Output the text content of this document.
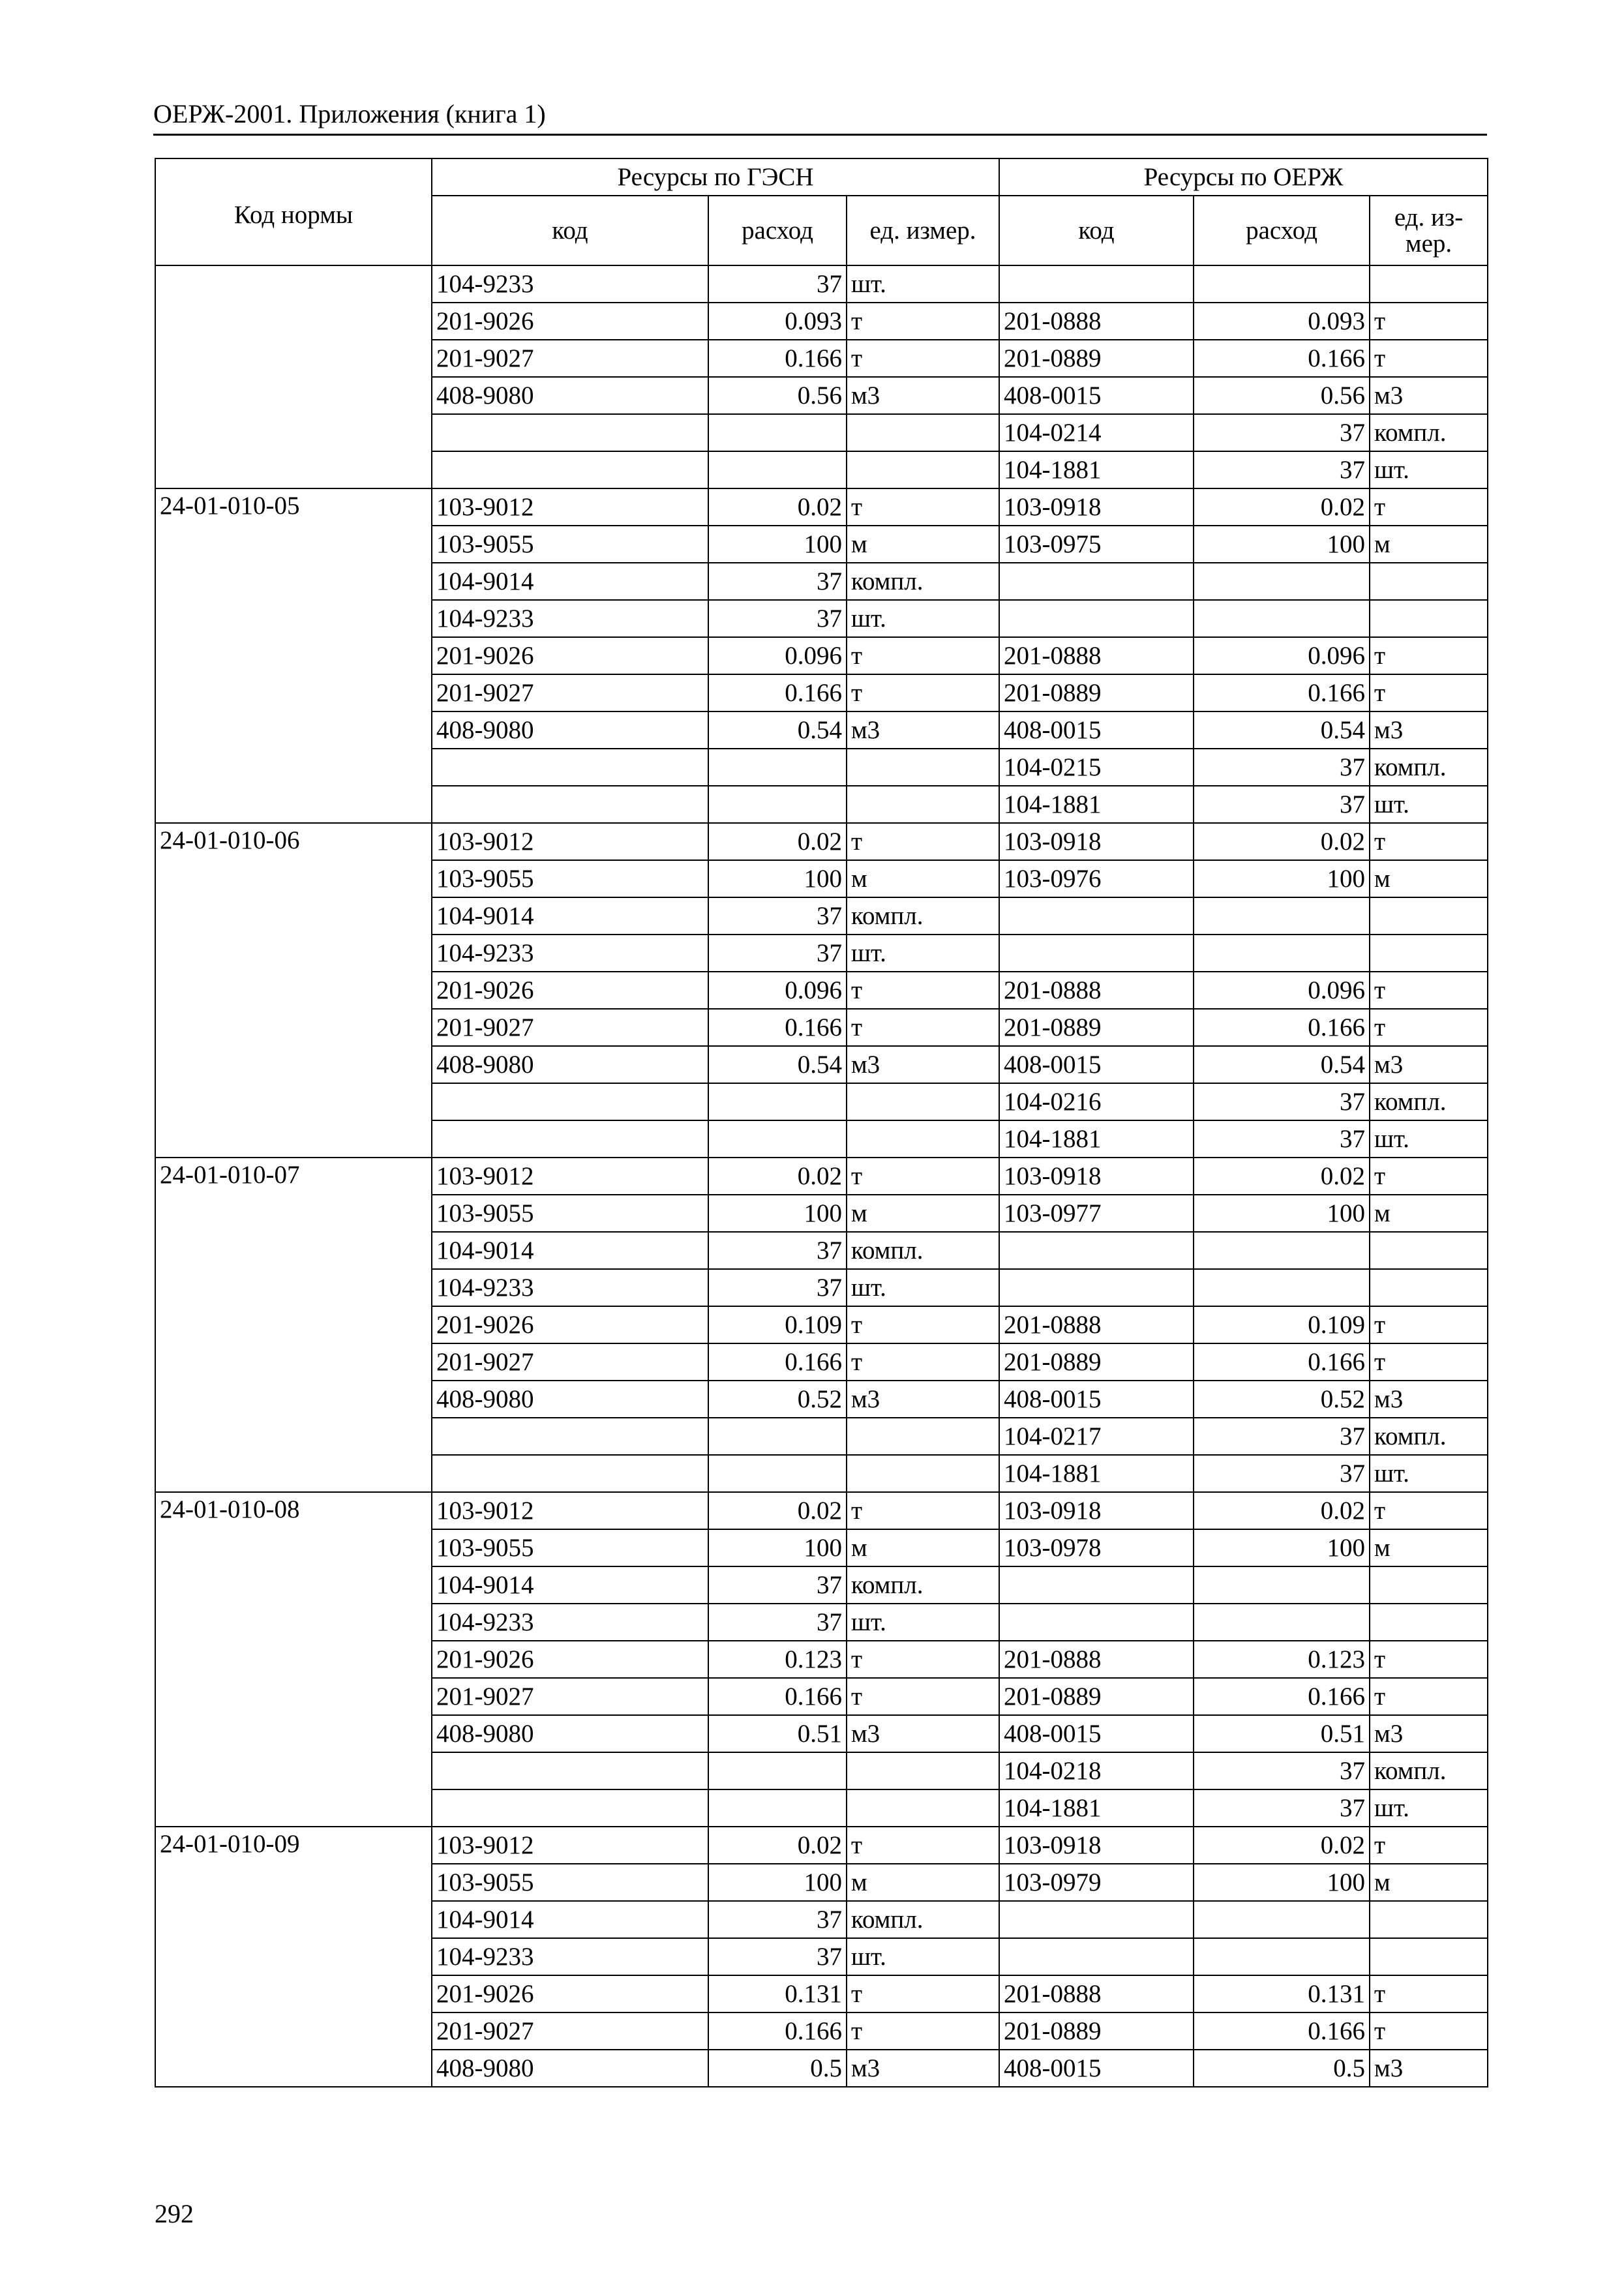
ОЕРЖ-2001. Приложения (книга 1)
Код нормы	Ресурсы по ГЭСН			Ресурсы по ОЕРЖ		
	код	расход	ед. измер.	код	расход	ед. из-мер.
	104-9233	37	шт.			
	201-9026	0.093	т	201-0888	0.093	т
	201-9027	0.166	т	201-0889	0.166	т
	408-9080	0.56	м3	408-0015	0.56	м3
				104-0214	37	компл.
				104-1881	37	шт.
24-01-010-05	103-9012	0.02	т	103-0918	0.02	т
	103-9055	100	м	103-0975	100	м
	104-9014	37	компл.			
	104-9233	37	шт.			
	201-9026	0.096	т	201-0888	0.096	т
	201-9027	0.166	т	201-0889	0.166	т
	408-9080	0.54	м3	408-0015	0.54	м3
				104-0215	37	компл.
				104-1881	37	шт.
24-01-010-06	103-9012	0.02	т	103-0918	0.02	т
	103-9055	100	м	103-0976	100	м
	104-9014	37	компл.			
	104-9233	37	шт.			
	201-9026	0.096	т	201-0888	0.096	т
	201-9027	0.166	т	201-0889	0.166	т
	408-9080	0.54	м3	408-0015	0.54	м3
				104-0216	37	компл.
				104-1881	37	шт.
24-01-010-07	103-9012	0.02	т	103-0918	0.02	т
	103-9055	100	м	103-0977	100	м
	104-9014	37	компл.			
	104-9233	37	шт.			
	201-9026	0.109	т	201-0888	0.109	т
	201-9027	0.166	т	201-0889	0.166	т
	408-9080	0.52	м3	408-0015	0.52	м3
				104-0217	37	компл.
				104-1881	37	шт.
24-01-010-08	103-9012	0.02	т	103-0918	0.02	т
	103-9055	100	м	103-0978	100	м
	104-9014	37	компл.			
	104-9233	37	шт.			
	201-9026	0.123	т	201-0888	0.123	т
	201-9027	0.166	т	201-0889	0.166	т
	408-9080	0.51	м3	408-0015	0.51	м3
				104-0218	37	компл.
				104-1881	37	шт.
24-01-010-09	103-9012	0.02	т	103-0918	0.02	т
	103-9055	100	м	103-0979	100	м
	104-9014	37	компл.			
	104-9233	37	шт.			
	201-9026	0.131	т	201-0888	0.131	т
	201-9027	0.166	т	201-0889	0.166	т
	408-9080	0.5	м3	408-0015	0.5	м3
292
